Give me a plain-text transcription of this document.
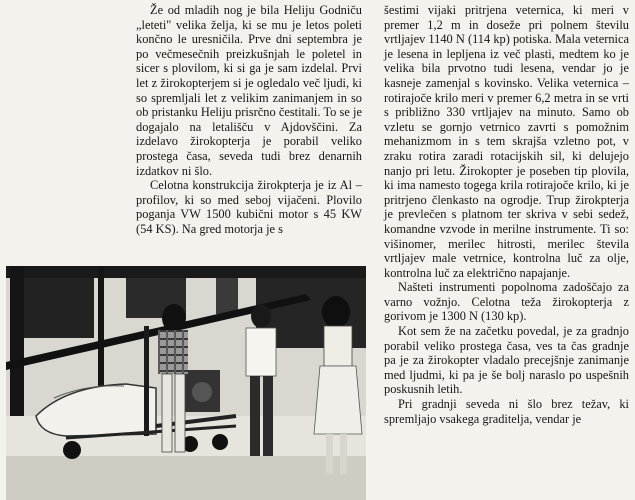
Že od mladih nog je bila Heliju Godniču „leteti" velika želja, ki se mu je letos poleti končno le uresničila. Prve dni septembra je po večmesečnih preizkušnjah le poletel in sicer s plovilom, ki si ga je sam izdelal. Prvi let z žirokopterjem si je ogledalo več ljudi, ki so spremljali let z velikim zanimanjem in so ob pristanku Heliju prisrčno čestitali. To se je dogajalo na letališču v Ajdovščini. Za izdelavo žirokopterja je porabil veliko prostega časa, seveda tudi brez denarnih izdatkov ni šlo.

Celotna konstrukcija žirokpterja je iz Al – profilov, ki so med seboj vijačeni. Plovilo poganja VW 1500 kubični motor s 45 KW (54 KS). Na gred motorja je s

šestimi vijaki pritrjena veternica, ki meri v premer 1,2 m in dosežе pri polnem številu vrtljajev 1140 N (114 kp) potiska. Mala veternica je lesena in lepljena iz več plasti, medtem ko je velika bila prvotno tudi lesena, vendar jo je kasneje zamenjal s kovinsko. Velika veternica – rotirajoče krilo meri v premer 6,2 metra in se vrti s približno 330 vrtljajev na minuto. Samo ob vzletu se gornjo vetrnico zavrti s pomožnim mehanizmom in s tem skrajša vzletno pot, v zraku rotira zaradi rotacijskih sil, ki delujejo nanjo pri letu. Žirokopter je poseben tip plovila, ki ima namesto togega krila rotirajoče krilo, ki je pritrjeno členkasto na ogrodje. Trup žirokpterja je prevlečen s platnom ter skriva v sebi sedež, komandne vzvode in merilne instrumente. Ti so: višinomer, merilec hitrosti, merilec števila vrtljajev male vetrnice, kontrolna luč za olje, kontrolna luč za električno napajanje.

Našteti instrumenti popolnoma zadoščajo za varno vožnjo. Celotna teža žirokopterja z gorivom je 1300 N (130 kp).

Kot sem že na začetku povedal, je za gradnjo porabil veliko prostega časa, ves ta čas gradnje pa je za žirokopter vladalo precejšnje zanimanje med ljudmi, ki pa je še bolj naraslo po uspešnih poskusnih letih.

Pri gradnji seveda ni šlo brez težav, ki spremljajo vsakega graditelja, vendar je
